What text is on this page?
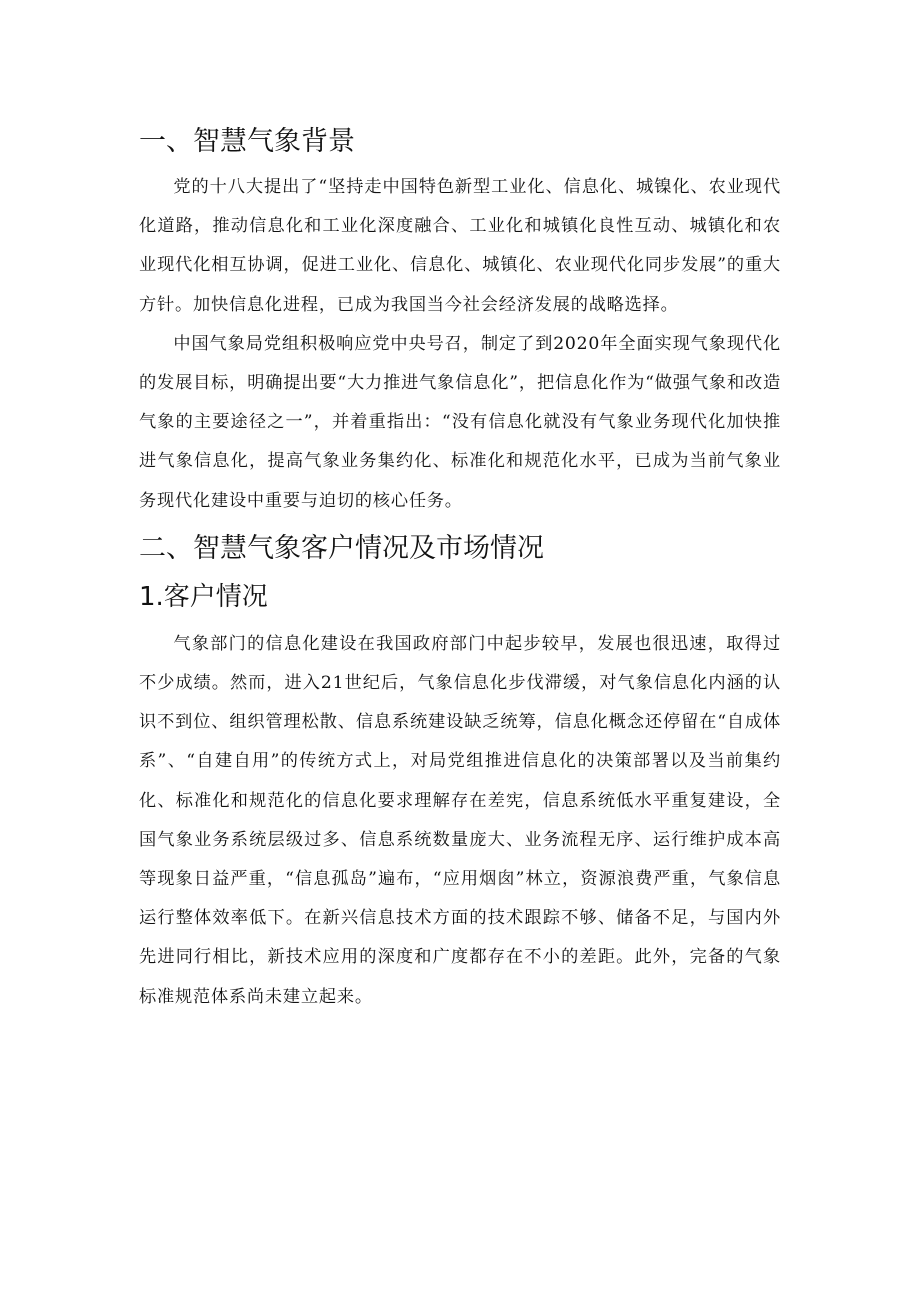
一、智慧气象背景

党的十八大提出了“坚持走中国特色新型工业化、信息化、城镍化、农业现代化道路，推动信息化和工业化深度融合、工业化和城镇化良性互动、城镇化和农业现代化相互协调，促进工业化、信息化、城镇化、农业现代化同步发展”的重大方针。加快信息化进程，已成为我国当今社会经济发展的战略选择。

中国气象局党组积极响应党中央号召，制定了到2020年全面实现气象现代化的发展目标，明确提出要“大力推进气象信息化”，把信息化作为“做强气象和改造气象的主要途径之一”，并着重指出：“没有信息化就没有气象业务现代化加快推进气象信息化，提高气象业务集约化、标准化和规范化水平，已成为当前气象业务现代化建设中重要与迫切的核心任务。

二、智慧气象客户情况及市场情况
1.客户情况

气象部门的信息化建设在我国政府部门中起步较早，发展也很迅速，取得过不少成绩。然而，进入21世纪后，气象信息化步伐滞缓，对气象信息化内涵的认识不到位、组织管理松散、信息系统建设缺乏统筹，信息化概念还停留在“自成体系”、“自建自用”的传统方式上，对局党组推进信息化的决策部署以及当前集约化、标准化和规范化的信息化要求理解存在差宪，信息系统低水平重复建设，全国气象业务系统层级过多、信息系统数量庞大、业务流程无序、运行维护成本高等现象日益严重，“信息孤岛”遍布，“应用烟囱”林立，资源浪费严重，气象信息运行整体效率低下。在新兴信息技术方面的技术跟踪不够、储备不足，与国内外先进同行相比，新技术应用的深度和广度都存在不小的差距。此外，完备的气象标准规范体系尚未建立起来。
